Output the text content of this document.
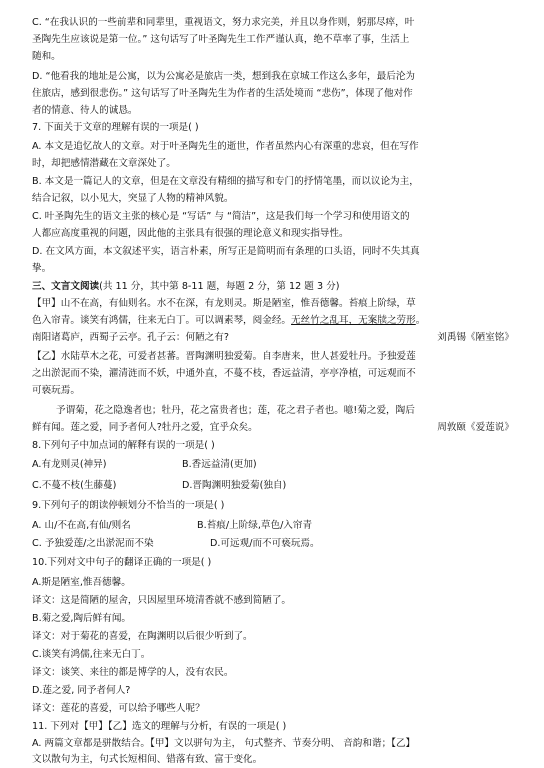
C. “在我认识的一些前辈和同辈里，重视语文，努力求完美，并且以身作则，躬那尽瘁，叶
圣陶先生应该说是第一位。” 这句话写了叶圣陶先生工作严谨认真，绝不草率了事，生活上
随和。
D. “他看我的地址是公寓，以为公寓必是旅店一类，想到我在京城工作这么多年，最后沦为
住旅店，感到很悲伤。” 这句话写了叶圣陶先生为作者的生活处境而 “悲伤”，体现了他对作
者的情意、待人的诚恳。
7. 下面关于文章的理解有误的一项是( )
A. 本文是追忆故人的文章。对于叶圣陶先生的逝世，作者虽然内心有深重的悲哀，但在写作
时，却把感情潜藏在文章深处了。
B. 本文是一篇记人的文章，但是在文章没有精细的描写和专门的抒情笔墨，而以议论为主，
结合记叙，以小见大，突显了人物的精神风貌。
C. 叶圣陶先生的语文主张的核心是 “写话” 与 “简洁”，这是我们每一个学习和使用语文的
人都应高度重视的问题，因此他的主张具有很强的理论意义和现实指导性。
D. 在文风方面，本文叙述平实，语言朴素，所写正是简明而有条理的口头语，同时不失其真
挚。
三、文言文阅读(共 11 分，其中第 8-11 题，每题 2 分，第 12 题 3 分)
【甲】山不在高，有仙则名。水不在深，有龙则灵。斯是陋室，惟吾德馨。苔痕上阶绿，草
色入帘青。谈笑有鸿儒，往来无白丁。可以调素琴，阅金经。无丝竹之乱耳，无案牍之劳形。
南阳诸葛庐，西蜀子云亭。孔子云：何陋之有?	刘禹锡《陋室铭》
【乙】水陆草木之花，可爱者甚蕃。晋陶渊明独爱菊。自李唐来，世人甚爱牡丹。予独爱莲
之出淤泥而不染，濯清涟而不妖，中通外直，不蔓不枝，香远益清，亭亭净植，可远观而不
可亵玩焉。
予谓菊，花之隐逸者也；牡丹，花之富贵者也；莲，花之君子者也。噫!菊之爱，陶后
鲜有闻。莲之爱，同予者何人?牡丹之爱，宜乎众矣。	周敦颐《爱莲说》
8.下列句子中加点词的解释有误的一项是( )
A.有龙则灵(神异)	B.香远益清(更加)
C.不蔓不枝(生藤蔓)	D.晋陶渊明独爱菊(独自)
9.下列句子的朗读停顿划分不恰当的一项是( )
A. 山/不在高,有仙/则名	B.苔痕/上阶绿,草色/入帘青
C. 予独爱莲/之出淤泥而不染	D.可远观/而不可亵玩焉。
10.下列对文中句子的翻译正确的一项是( )
A.斯是陋室,惟吾德馨。
译文：这是简陋的屋舍，只因屋里环境清香就不感到简陋了。
B.菊之爱,陶后鲜有闻。
译文：对于菊花的喜爱，在陶渊明以后很少听到了。
C.谈笑有鸿儒,往来无白丁。
译文：谈笑、来往的都是博学的人，没有农民。
D.莲之爱, 同予者何人?
译文：莲花的喜爱，可以给予哪些人呢？
11. 下列对【甲】【乙】选文的理解与分析，有误的一项是( )
A. 两篇文章都是骈散结合。【甲】文以骈句为主， 句式整齐、节奏分明、 音韵和谐；【乙】
文以散句为主，句式长短相间、错落有致、富于变化。
